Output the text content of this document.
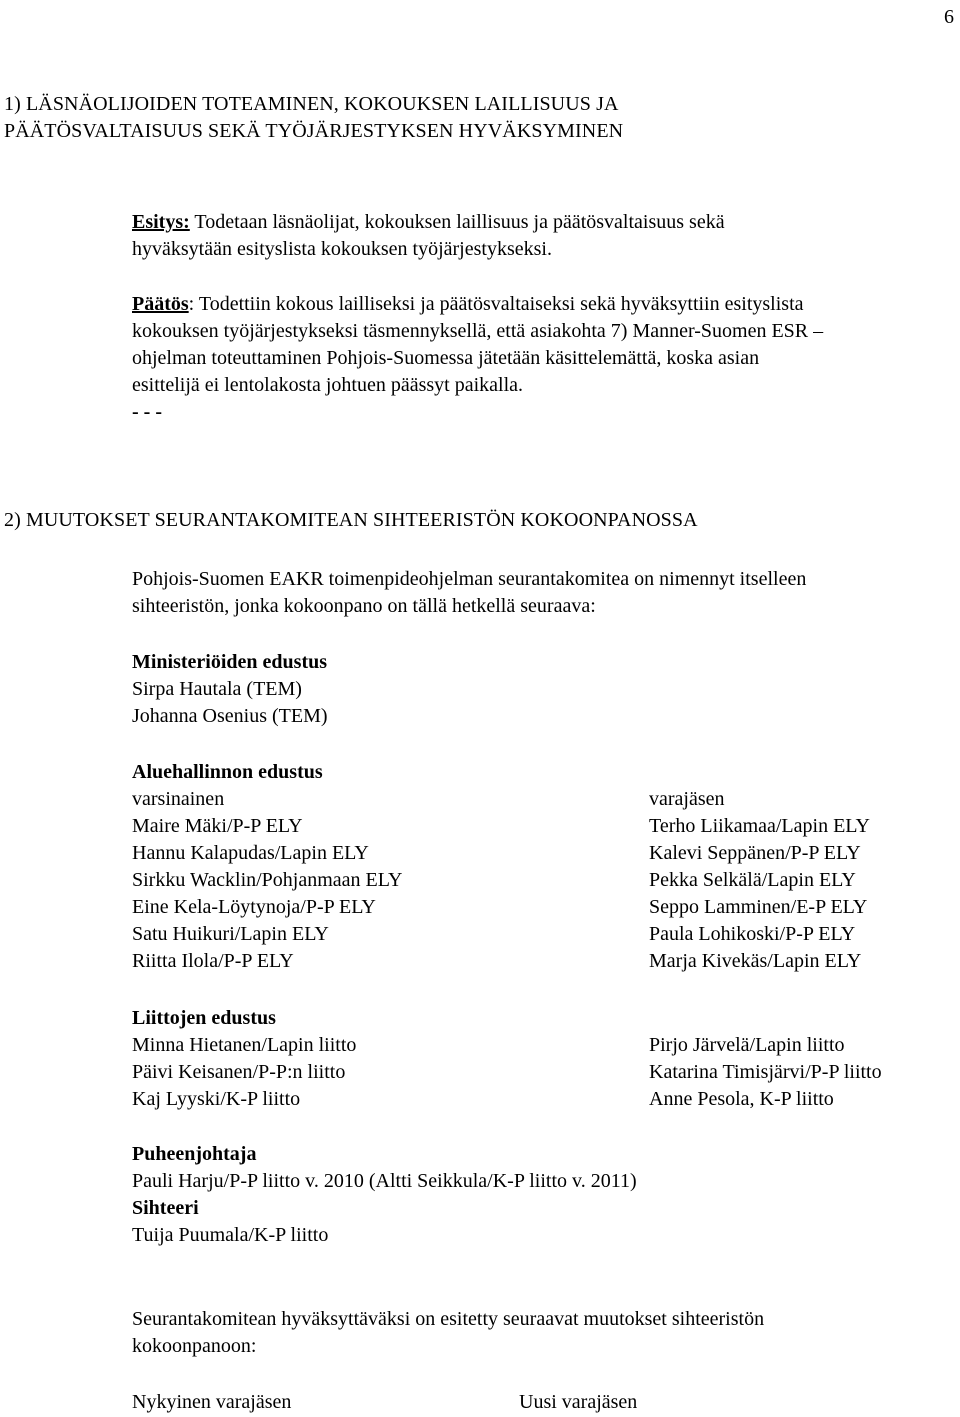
6
1) LÄSNÄOLIJOIDEN TOTEAMINEN, KOKOUKSEN LAILLISUUS JA
PÄÄTÖSVALTAISUUS SEKÄ TYÖJÄRJESTYKSEN HYVÄKSYMINEN
Esitys: Todetaan läsnäolijat, kokouksen laillisuus ja päätösvaltaisuus sekä
hyväksytään esityslista kokouksen työjärjestykseksi.
Päätös: Todettiin kokous lailliseksi ja päätösvaltaiseksi sekä hyväksyttiin esityslista
kokouksen työjärjestykseksi täsmennyksellä, että asiakohta 7) Manner-Suomen ESR –
ohjelman toteuttaminen Pohjois-Suomessa jätetään käsittelemättä, koska asian
esittelijä ei lentolakosta johtuen päässyt paikalla.
- - -
2) MUUTOKSET SEURANTAKOMITEAN SIHTEERISTÖN KOKOONPANOSSA
Pohjois-Suomen EAKR toimenpideohjelman seurantakomitea on nimennyt itselleen
sihteeristön, jonka kokoonpano on tällä hetkellä seuraava:
Ministeriöiden edustus
Sirpa Hautala (TEM)
Johanna Osenius (TEM)
Aluehallinnon edustus
varsinainen
Maire Mäki/P-P ELY
Hannu Kalapudas/Lapin ELY
Sirkku Wacklin/Pohjanmaan ELY
Eine Kela-Löytynoja/P-P ELY
Satu Huikuri/Lapin ELY
Riitta Ilola/P-P ELY
varajäsen
Terho Liikamaa/Lapin ELY
Kalevi Seppänen/P-P ELY
Pekka Selkälä/Lapin ELY
Seppo Lamminen/E-P ELY
Paula Lohikoski/P-P ELY
Marja Kivekäs/Lapin ELY
Liittojen edustus
Minna Hietanen/Lapin liitto
Päivi Keisanen/P-P:n liitto
Kaj Lyyski/K-P liitto
Pirjo Järvelä/Lapin liitto
Katarina Timisjärvi/P-P liitto
Anne Pesola, K-P liitto
Puheenjohtaja
Pauli Harju/P-P liitto v. 2010 (Altti Seikkula/K-P liitto v. 2011)
Sihteeri
Tuija Puumala/K-P liitto
Seurantakomitean hyväksyttäväksi on esitetty seuraavat muutokset sihteeristön
kokoonpanoon:
Nykyinen varajäsen	Uusi varajäsen
